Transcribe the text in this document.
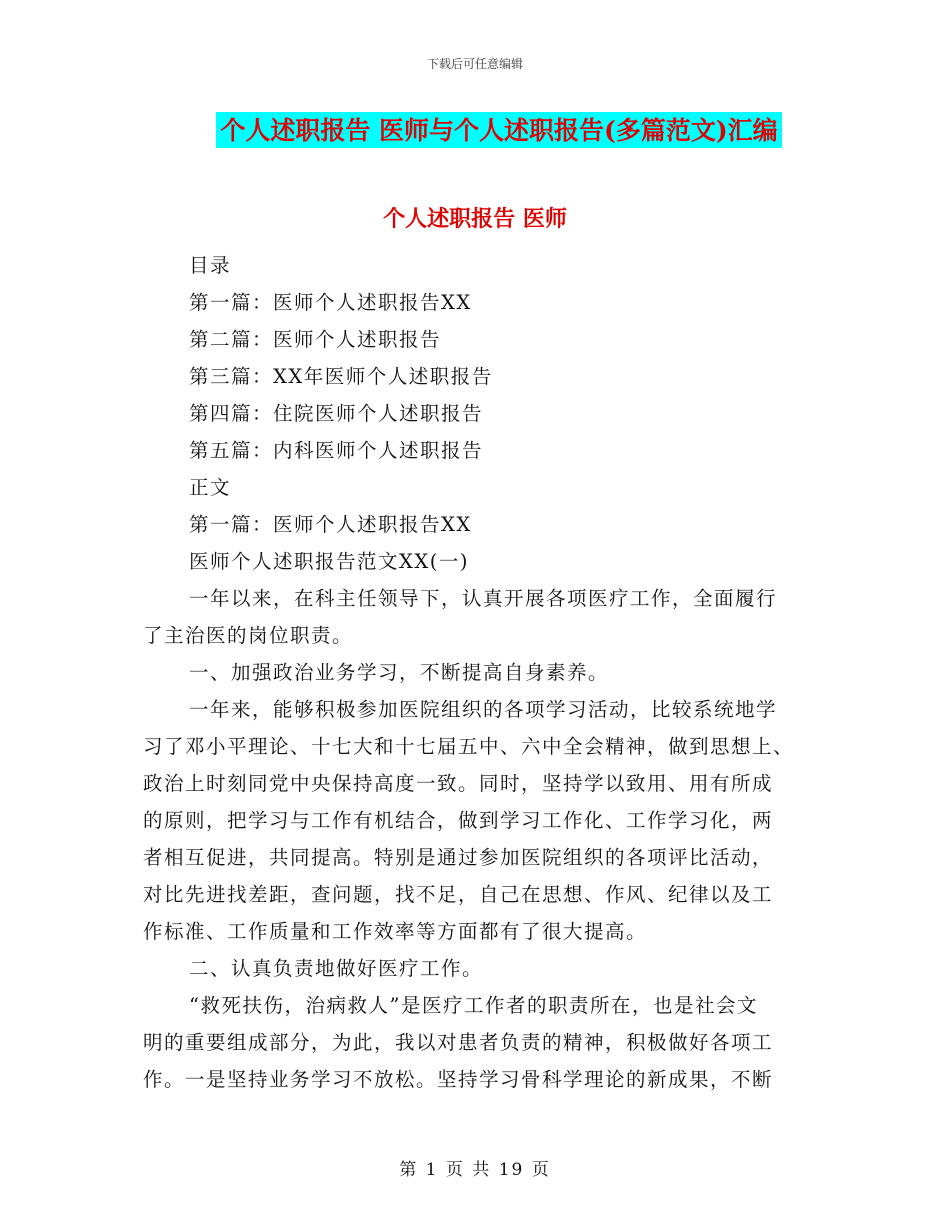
下载后可任意编辑
个人述职报告 医师与个人述职报告(多篇范文)汇编
个人述职报告 医师
目录
第一篇：医师个人述职报告XX
第二篇：医师个人述职报告
第三篇：XX年医师个人述职报告
第四篇：住院医师个人述职报告
第五篇：内科医师个人述职报告
正文
第一篇：医师个人述职报告XX
医师个人述职报告范文XX(一)
一年以来，在科主任领导下，认真开展各项医疗工作，全面履行
了主治医的岗位职责。
一、加强政治业务学习，不断提高自身素养。
一年来，能够积极参加医院组织的各项学习活动，比较系统地学
习了邓小平理论、十七大和十七届五中、六中全会精神，做到思想上、
政治上时刻同党中央保持高度一致。同时，坚持学以致用、用有所成
的原则，把学习与工作有机结合，做到学习工作化、工作学习化，两
者相互促进，共同提高。特别是通过参加医院组织的各项评比活动，
对比先进找差距，查问题，找不足，自己在思想、作风、纪律以及工
作标准、工作质量和工作效率等方面都有了很大提高。
二、认真负责地做好医疗工作。
“救死扶伤，治病救人”是医疗工作者的职责所在，也是社会文
明的重要组成部分，为此，我以对患者负责的精神，积极做好各项工
作。一是坚持业务学习不放松。坚持学习骨科学理论的新成果，不断
第 1 页 共 19 页
